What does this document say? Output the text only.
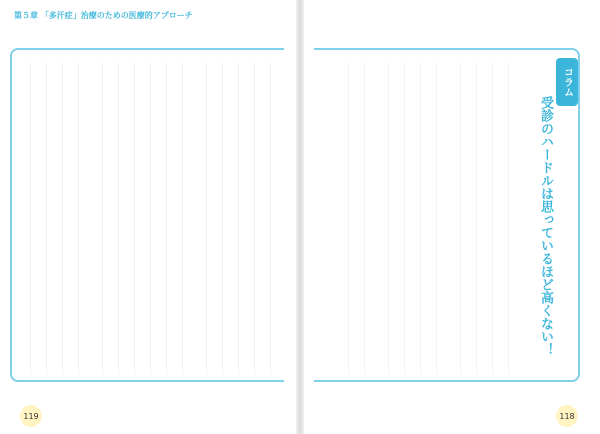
第５章 「多汗症」治療のための医療的アプローチ
119
コラム
受診のハードルは思っているほど高くない！
118
